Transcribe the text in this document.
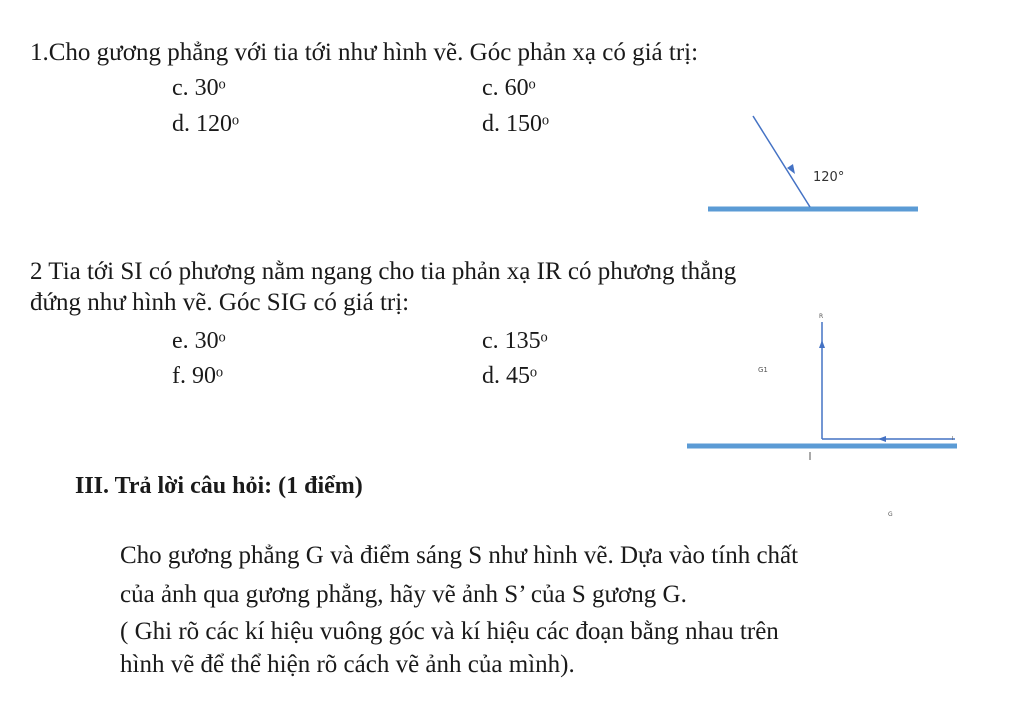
1.Cho gương phẳng với tia tới như hình vẽ. Góc phản xạ có giá trị:
c. 30ᵒ	c. 60ᵒ
d. 120ᵒ	d. 150ᵒ
120°
2 Tia tới SI có phương nằm ngang cho tia phản xạ IR có phương thẳng
đứng như hình vẽ. Góc SIG có giá trị:
e. 30ᵒ	c. 135ᵒ
f. 90ᵒ	d. 45ᵒ
R
G1
I
G
III. Trả lời câu hỏi: (1 điểm)
Cho gương phẳng G và điểm sáng S như hình vẽ. Dựa vào tính chất
của ảnh qua gương phẳng, hãy vẽ ảnh S’ của S gương G.
( Ghi rõ các kí hiệu vuông góc và kí hiệu các đoạn bằng nhau trên
hình vẽ để thể hiện rõ cách vẽ ảnh của mình).
